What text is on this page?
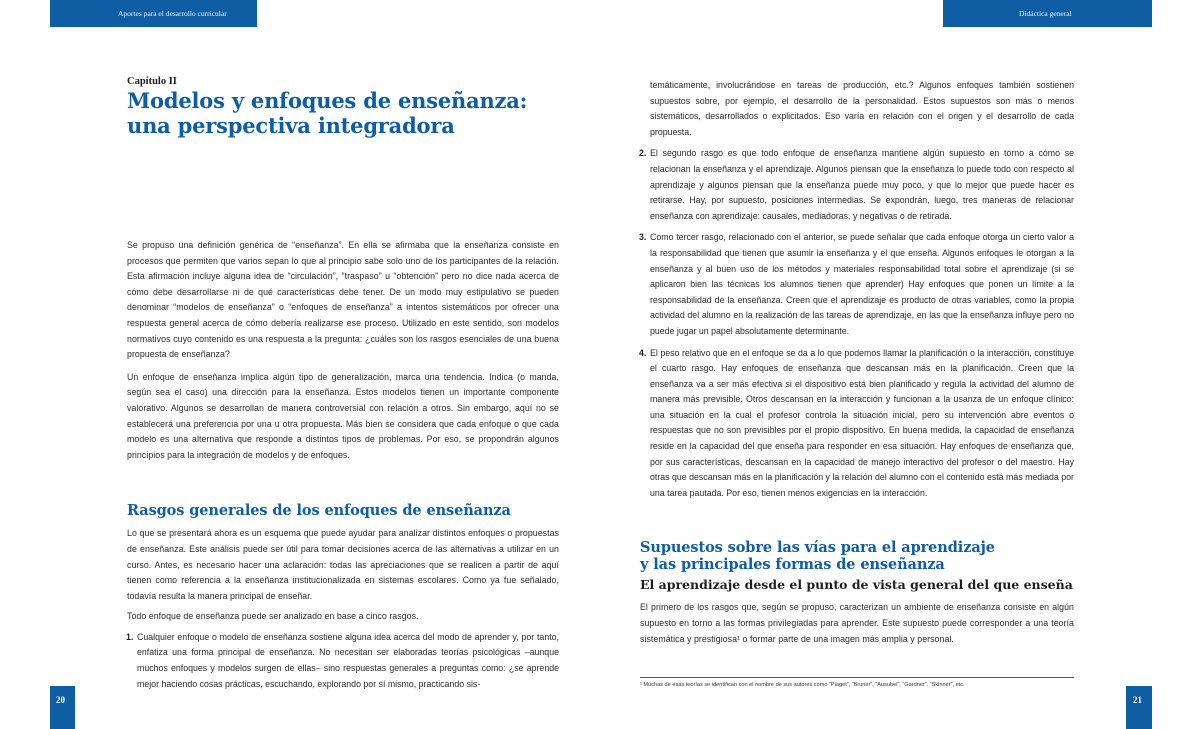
Aportes para el desarrollo curricular	Didáctica general
Capítulo II
Modelos y enfoques de enseñanza:
una perspectiva integradora

Se propuso una definición genérica de “enseñanza”. En ella se afirmaba que la enseñanza consiste en procesos que permiten que varios sepan lo que al principio sabe solo uno de los participantes de la relación. Esta afirmación incluye alguna idea de “circulación”, “traspaso” u “obtención” pero no dice nada acerca de cómo debe desarrollarse ni de qué características debe tener. De un modo muy estipulativo se pueden denominar “modelos de enseñanza” o “enfoques de enseñanza” a intentos sistemáticos por ofrecer una respuesta general acerca de cómo debería realizarse ese proceso. Utilizado en este sentido, son modelos normativos cuyo contenido es una respuesta a la pregunta: ¿cuáles son los rasgos esenciales de una buena propuesta de enseñanza?

Un enfoque de enseñanza implica algún tipo de generalización, marca una tendencia. Indica (o manda, según sea el caso) una dirección para la enseñanza. Estos modelos tienen un importante componente valorativo. Algunos se desarrollan de manera controversial con relación a otros. Sin embargo, aquí no se establecerá una preferencia por una u otra propuesta. Más bien se considera que cada enfoque o que cada modelo es una alternativa que responde a distintos tipos de problemas. Por eso, se propondrán algunos principios para la integración de modelos y de enfoques.

Rasgos generales de los enfoques de enseñanza

Lo que se presentará ahora es un esquema que puede ayudar para analizar distintos enfoques o propuestas de enseñanza. Este análisis puede ser útil para tomar decisiones acerca de las alternativas a utilizar en un curso. Antes, es necesario hacer una aclaración: todas las apreciaciones que se realicen a partir de aquí tienen como referencia a la enseñanza institucionalizada en sistemas escolares. Como ya fue señalado, todavía resulta la manera principal de enseñar.

Todo enfoque de enseñanza puede ser analizado en base a cinco rasgos.

1. Cualquier enfoque o modelo de enseñanza sostiene alguna idea acerca del modo de aprender y, por tanto, enfatiza una forma principal de enseñanza. No necesitan ser elaboradas teorías psicológicas –aunque muchos enfoques y modelos surgen de ellas– sino respuestas generales a preguntas como: ¿se aprende mejor haciendo cosas prácticas, escuchando, explorando por sí mismo, practicando sis-
temáticamente, involucrándose en tareas de producción, etc.? Algunos enfoques también sostienen supuestos sobre, por ejemplo, el desarrollo de la personalidad. Estos supuestos son más o menos sistemáticos, desarrollados o explicitados. Eso varía en relación con el origen y el desarrollo de cada propuesta.
2. El segundo rasgo es que todo enfoque de enseñanza mantiene algún supuesto en torno a cómo se relacionan la enseñanza y el aprendizaje. Algunos piensan que la enseñanza lo puede todo con respecto al aprendizaje y algunos piensan que la enseñanza puede muy poco, y que lo mejor que puede hacer es retirarse. Hay, por supuesto, posiciones intermedias. Se expondrán, luego, tres maneras de relacionar enseñanza con aprendizaje: causales, mediadoras, y negativas o de retirada.
3. Como tercer rasgo, relacionado con el anterior, se puede señalar que cada enfoque otorga un cierto valor a la responsabilidad que tienen que asumir la enseñanza y el que enseña. Algunos enfoques le otorgan a la enseñanza y al buen uso de los métodos y materiales responsabilidad total sobre el aprendizaje (si se aplicaron bien las técnicas los alumnos tienen que aprender) Hay enfoques que ponen un límite a la responsabilidad de la enseñanza. Creen que el aprendizaje es producto de otras variables, como la propia actividad del alumno en la realización de las tareas de aprendizaje, en las que la enseñanza influye pero no puede jugar un papel absolutamente determinante.
4. El peso relativo que en el enfoque se da a lo que podemos llamar la planificación o la interacción, constituye el cuarto rasgo. Hay enfoques de enseñanza que descansan más en la planificación. Creen que la enseñanza va a ser más efectiva si el dispositivo está bien planificado y regula la actividad del alumno de manera más previsible. Otros descansan en la interacción y funcionan a la usanza de un enfoque clínico: una situación en la cual el profesor controla la situación inicial, pero su intervención abre eventos o respuestas que no son previsibles por el propio dispositivo. En buena medida, la capacidad de enseñanza reside en la capacidad del que enseña para responder en esa situación. Hay enfoques de enseñanza que, por sus características, descansan en la capacidad de manejo interactivo del profesor o del maestro. Hay otras que descansan más en la planificación y la relación del alumno con el contenido está más mediada por una tarea pautada. Por eso, tienen menos exigencias en la interacción.
Supuestos sobre las vías para el aprendizaje
y las principales formas de enseñanza
El aprendizaje desde el punto de vista general del que enseña

El primero de los rasgos que, según se propuso, caracterizan un ambiente de enseñanza consiste en algún supuesto en torno a las formas privilegiadas para aprender. Este supuesto puede corresponder a una teoría sistemática y prestigiosa¹ o formar parte de una imagen más amplia y personal.

¹ Muchas de esas teorías se identifican con el nombre de sus autores como “Piaget”, “Bruner”, “Ausubel”, “Gardner”, “Skinner”, etc.
20	21
